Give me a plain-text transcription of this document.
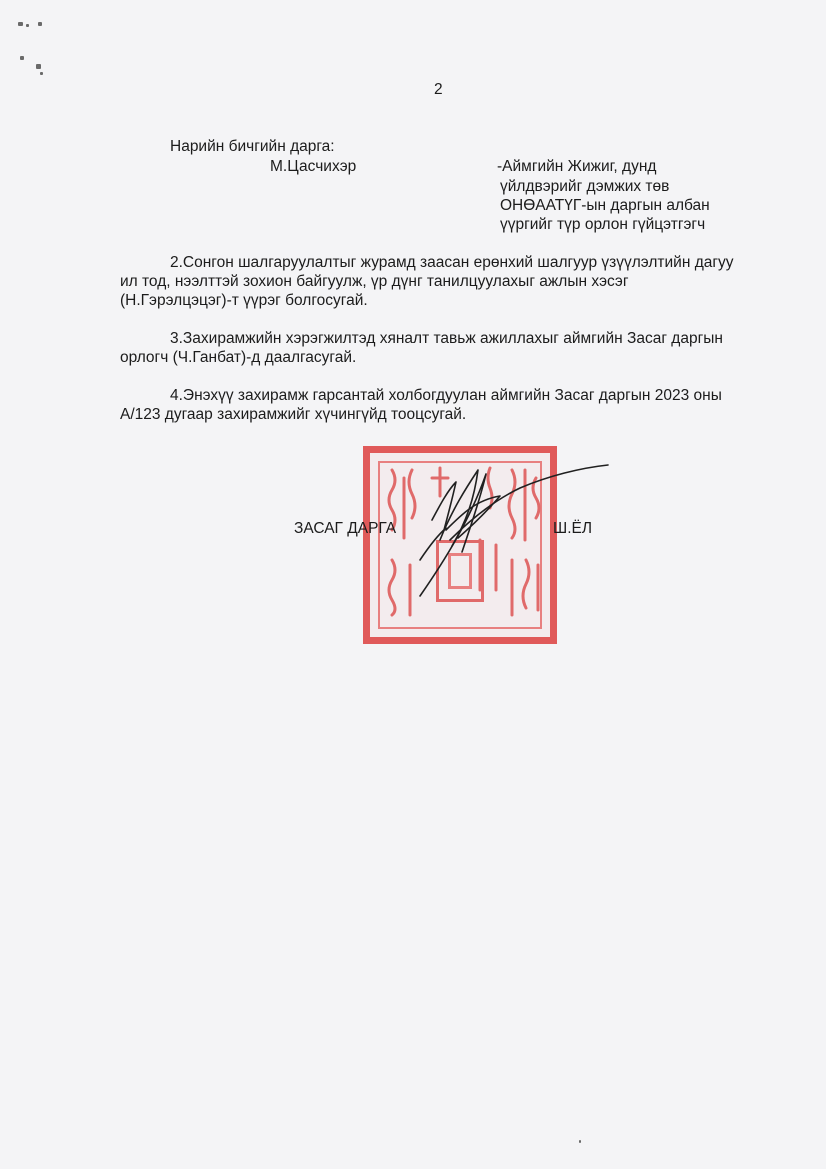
2
Нарийн бичгийн дарга:
М.Цасчихэр	-Аймгийн Жижиг, дунд
үйлдвэрийг дэмжих төв
ОНӨААТҮГ-ын даргын албан
үүргийг түр орлон гүйцэтгэгч
2.Сонгон шалгаруулалтыг журамд заасан ерөнхий шалгуур үзүүлэлтийн дагуу
ил тод, нээлттэй зохион байгуулж, үр дүнг танилцуулахыг ажлын хэсэг
(Н.Гэрэлцэцэг)-т үүрэг болгосугай.
3.Захирамжийн хэрэгжилтэд хяналт тавьж ажиллахыг аймгийн Засаг даргын
орлогч (Ч.Ганбат)-д даалгасугай.
4.Энэхүү захирамж гарсантай холбогдуулан аймгийн Засаг даргын 2023 оны
А/123 дугаар захирамжийг хүчингүйд тооцсугай.
ЗАСАГ ДАРГА	Ш.ЁЛ
